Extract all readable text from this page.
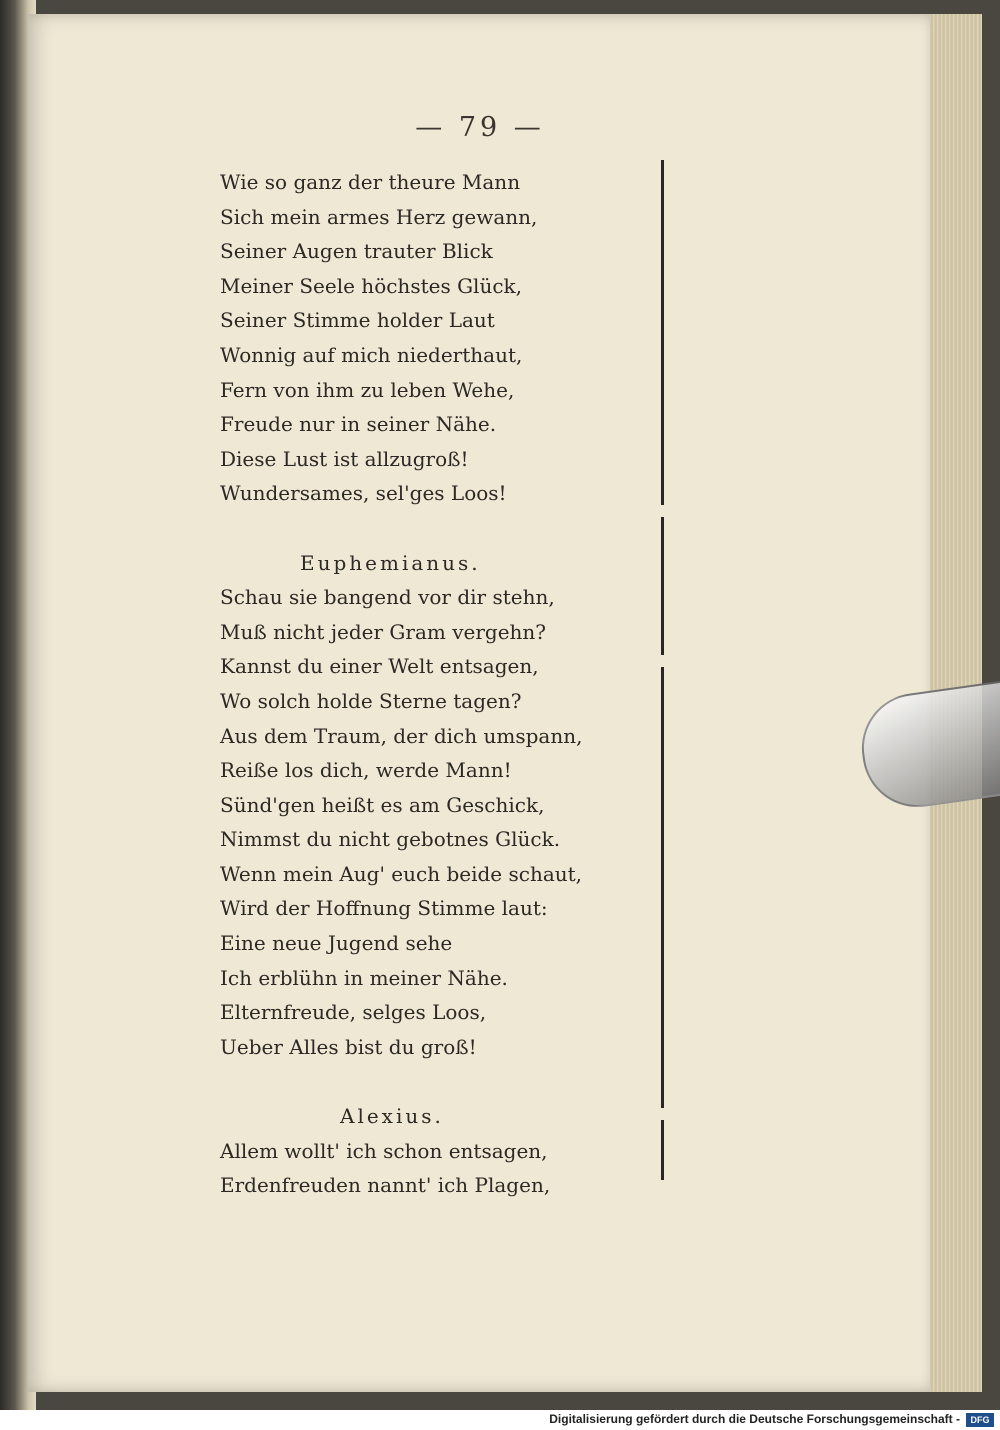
— 79 —
Wie so ganz der theure Mann
Sich mein armes Herz gewann,
Seiner Augen trauter Blick
Meiner Seele höchstes Glück,
Seiner Stimme holder Laut
Wonnig auf mich niederthaut,
Fern von ihm zu leben Wehe,
Freude nur in seiner Nähe.
Diese Lust ist allzugroß!
Wundersames, sel'ges Loos!
Euphemianus.
Schau sie bangend vor dir stehn,
Muß nicht jeder Gram vergehn?
Kannst du einer Welt entsagen,
Wo solch holde Sterne tagen?
Aus dem Traum, der dich umspann,
Reiße los dich, werde Mann!
Sünd'gen heißt es am Geschick,
Nimmst du nicht gebotnes Glück.
Wenn mein Aug' euch beide schaut,
Wird der Hoffnung Stimme laut:
Eine neue Jugend sehe
Ich erblühn in meiner Nähe.
Elternfreude, selges Loos,
Ueber Alles bist du groß!
Alexius.
Allem wollt' ich schon entsagen,
Erdenfreuden nannt' ich Plagen,
Digitalisierung gefördert durch die Deutsche Forschungsgemeinschaft -	DFG
